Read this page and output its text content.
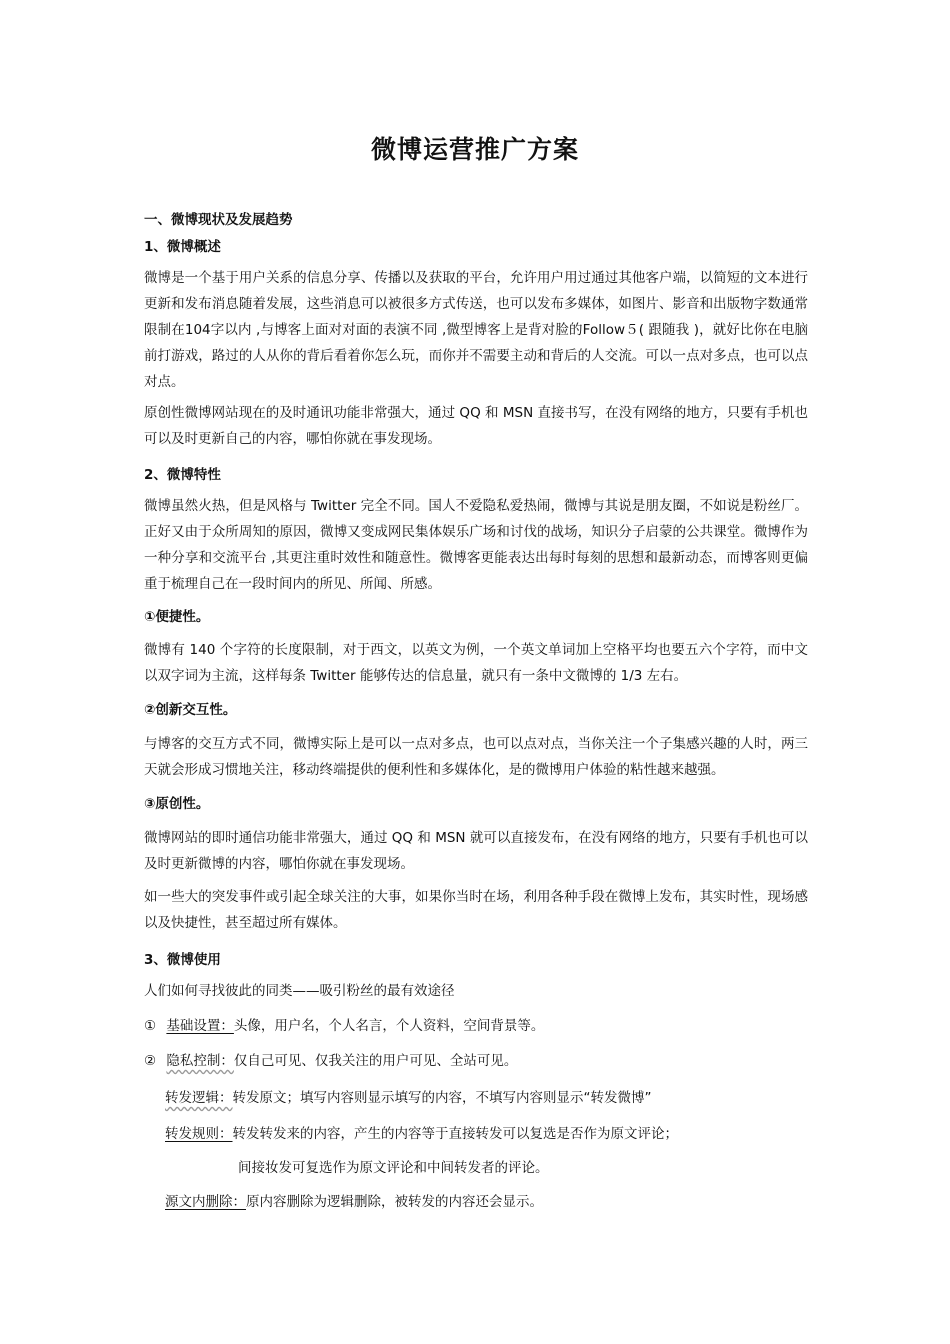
微博运营推广方案
一、微博现状及发展趋势
1、微博概述
微博是一个基于用户关系的信息分享、传播以及获取的平台，允许用户用过通过其他客户端，以简短的文本进行更新和发布消息随着发展，这些消息可以被很多方式传送，也可以发布多媒体，如图片、影音和出版物字数通常限制在104字以内 ,与博客上面对对面的表演不同 ,微型博客上是背对脸的Follow５( 跟随我 )，就好比你在电脑前打游戏，路过的人从你的背后看着你怎么玩，而你并不需要主动和背后的人交流。可以一点对多点，也可以点对点。
原创性微博网站现在的及时通讯功能非常强大，通过 QQ 和 MSN 直接书写，在没有网络的地方，只要有手机也可以及时更新自己的内容，哪怕你就在事发现场。
2、微博特性
微博虽然火热，但是风格与 Twitter 完全不同。国人不爱隐私爱热闹，微博与其说是朋友圈，不如说是粉丝厂。正好又由于众所周知的原因，微博又变成网民集体娱乐广场和讨伐的战场，知识分子启蒙的公共课堂。微博作为一种分享和交流平台 ,其更注重时效性和随意性。微博客更能表达出每时每刻的思想和最新动态，而博客则更偏重于梳理自己在一段时间内的所见、所闻、所感。
①便捷性。
微博有 140 个字符的长度限制，对于西文，以英文为例，一个英文单词加上空格平均也要五六个字符，而中文以双字词为主流，这样每条 Twitter 能够传达的信息量，就只有一条中文微博的 1/3 左右。
②创新交互性。
与博客的交互方式不同，微博实际上是可以一点对多点，也可以点对点，当你关注一个子集感兴趣的人时，两三天就会形成习惯地关注，移动终端提供的便利性和多媒体化，是的微博用户体验的粘性越来越强。
③原创性。
微博网站的即时通信功能非常强大，通过 QQ 和 MSN 就可以直接发布，在没有网络的地方，只要有手机也可以及时更新微博的内容，哪怕你就在事发现场。
如一些大的突发事件或引起全球关注的大事，如果你当时在场，利用各种手段在微博上发布，其实时性，现场感以及快捷性，甚至超过所有媒体。
3、微博使用
人们如何寻找彼此的同类——吸引粉丝的最有效途径
① 基础设置：头像，用户名，个人名言，个人资料，空间背景等。
② 隐私控制：仅自己可见、仅我关注的用户可见、全站可见。
转发逻辑：转发原文；填写内容则显示填写的内容，不填写内容则显示“转发微博”
转发规则：转发转发来的内容，产生的内容等于直接转发可以复选是否作为原文评论；
间接妆发可复选作为原文评论和中间转发者的评论。
源文内删除：原内容删除为逻辑删除，被转发的内容还会显示。
